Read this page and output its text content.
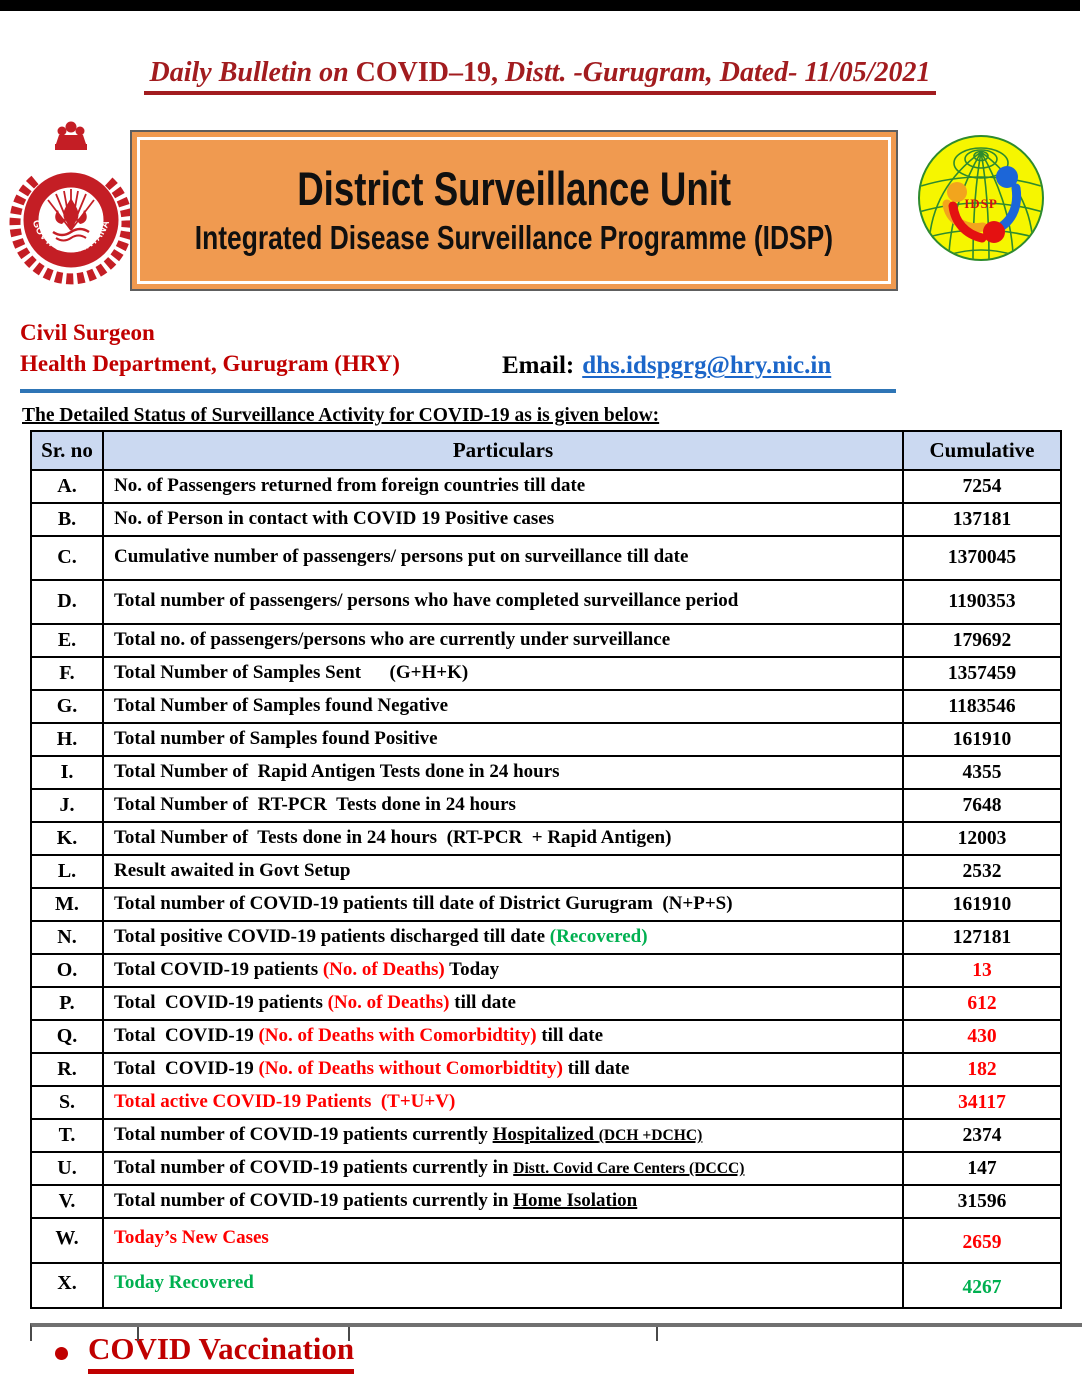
Daily Bulletin on COVID–19, Distt. -Gurugram, Dated- 11/05/2021
GOVT. OF HARYANA
District Surveillance Unit
Integrated Disease Surveillance Programme (IDSP)
IDSP
Civil Surgeon
Health Department, Gurugram (HRY)	Email: dhs.idspgrg@hry.nic.in
The Detailed Status of Surveillance Activity for COVID-19 as is given below:
Sr. no	Particulars	Cumulative
A.	No. of Passengers returned from foreign countries till date	7254
B.	No. of Person in contact with COVID 19 Positive cases	137181
C.	Cumulative number of passengers/ persons put on surveillance till date	1370045
D.	Total number of passengers/ persons who have completed surveillance period	1190353
E.	Total no. of passengers/persons who are currently under surveillance	179692
F.	Total Number of Samples Sent      (G+H+K)	1357459
G.	Total Number of Samples found Negative	1183546
H.	Total number of Samples found Positive	161910
I.	Total Number of  Rapid Antigen Tests done in 24 hours	4355
J.	Total Number of  RT-PCR  Tests done in 24 hours	7648
K.	Total Number of  Tests done in 24 hours  (RT-PCR  + Rapid Antigen)	12003
L.	Result awaited in Govt Setup	2532
M.	Total number of COVID-19 patients till date of District Gurugram  (N+P+S)	161910
N.	Total positive COVID-19 patients discharged till date (Recovered)	127181
O.	Total COVID-19 patients (No. of Deaths) Today	13
P.	Total  COVID-19 patients (No. of Deaths) till date	612
Q.	Total  COVID-19 (No. of Deaths with Comorbidtity) till date	430
R.	Total  COVID-19 (No. of Deaths without Comorbidtity) till date	182
S.	Total active COVID-19 Patients  (T+U+V)	34117
T.	Total number of COVID-19 patients currently Hospitalized (DCH +DCHC)	2374
U.	Total number of COVID-19 patients currently in Distt. Covid Care Centers (DCCC)	147
V.	Total number of COVID-19 patients currently in Home Isolation	31596
W.	Today’s New Cases	2659
X.	Today Recovered	4267
COVID Vaccination
